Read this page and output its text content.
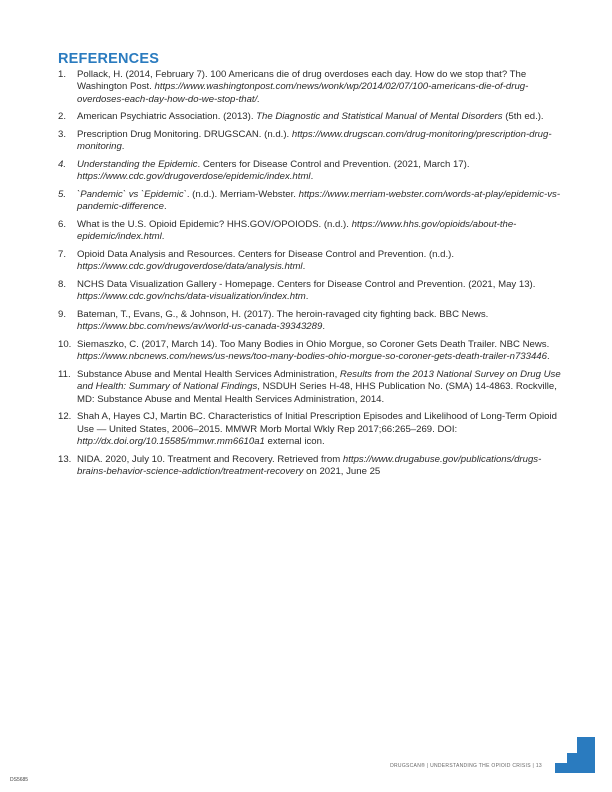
REFERENCES
1. Pollack, H. (2014, February 7). 100 Americans die of drug overdoses each day. How do we stop that? The Washington Post. https://www.washingtonpost.com/news/wonk/wp/2014/02/07/100-americans-die-of-drug-overdoses-each-day-how-do-we-stop-that/.
2. American Psychiatric Association. (2013). The Diagnostic and Statistical Manual of Mental Disorders (5th ed.).
3. Prescription Drug Monitoring. DRUGSCAN. (n.d.). https://www.drugscan.com/drug-monitoring/prescription-drug-monitoring.
4. Understanding the Epidemic. Centers for Disease Control and Prevention. (2021, March 17). https://www.cdc.gov/drugoverdose/epidemic/index.html.
5. `Pandemic` vs `Epidemic`. (n.d.). Merriam-Webster. https://www.merriam-webster.com/words-at-play/epidemic-vs-pandemic-difference.
6. What is the U.S. Opioid Epidemic? HHS.GOV/OPOIODS. (n.d.). https://www.hhs.gov/opioids/about-the-epidemic/index.html.
7. Opioid Data Analysis and Resources. Centers for Disease Control and Prevention. (n.d.). https://www.cdc.gov/drugoverdose/data/analysis.html.
8. NCHS Data Visualization Gallery - Homepage. Centers for Disease Control and Prevention. (2021, May 13). https://www.cdc.gov/nchs/data-visualization/index.htm.
9. Bateman, T., Evans, G., & Johnson, H. (2017). The heroin-ravaged city fighting back. BBC News. https://www.bbc.com/news/av/world-us-canada-39343289.
10. Siemaszko, C. (2017, March 14). Too Many Bodies in Ohio Morgue, so Coroner Gets Death Trailer. NBC News. https://www.nbcnews.com/news/us-news/too-many-bodies-ohio-morgue-so-coroner-gets-death-trailer-n733446.
11. Substance Abuse and Mental Health Services Administration, Results from the 2013 National Survey on Drug Use and Health: Summary of National Findings, NSDUH Series H-48, HHS Publication No. (SMA) 14-4863. Rockville, MD: Substance Abuse and Mental Health Services Administration, 2014.
12. Shah A, Hayes CJ, Martin BC. Characteristics of Initial Prescription Episodes and Likelihood of Long-Term Opioid Use — United States, 2006–2015. MMWR Morb Mortal Wkly Rep 2017;66:265–269. DOI: http://dx.doi.org/10.15585/mmwr.mm6610a1 external icon.
13. NIDA. 2020, July 10. Treatment and Recovery. Retrieved from https://www.drugabuse.gov/publications/drugs-brains-behavior-science-addiction/treatment-recovery on 2021, June 25
DRUGSCAN® | UNDERSTANDING THE OPIOID CRISIS | 13
DS5685
